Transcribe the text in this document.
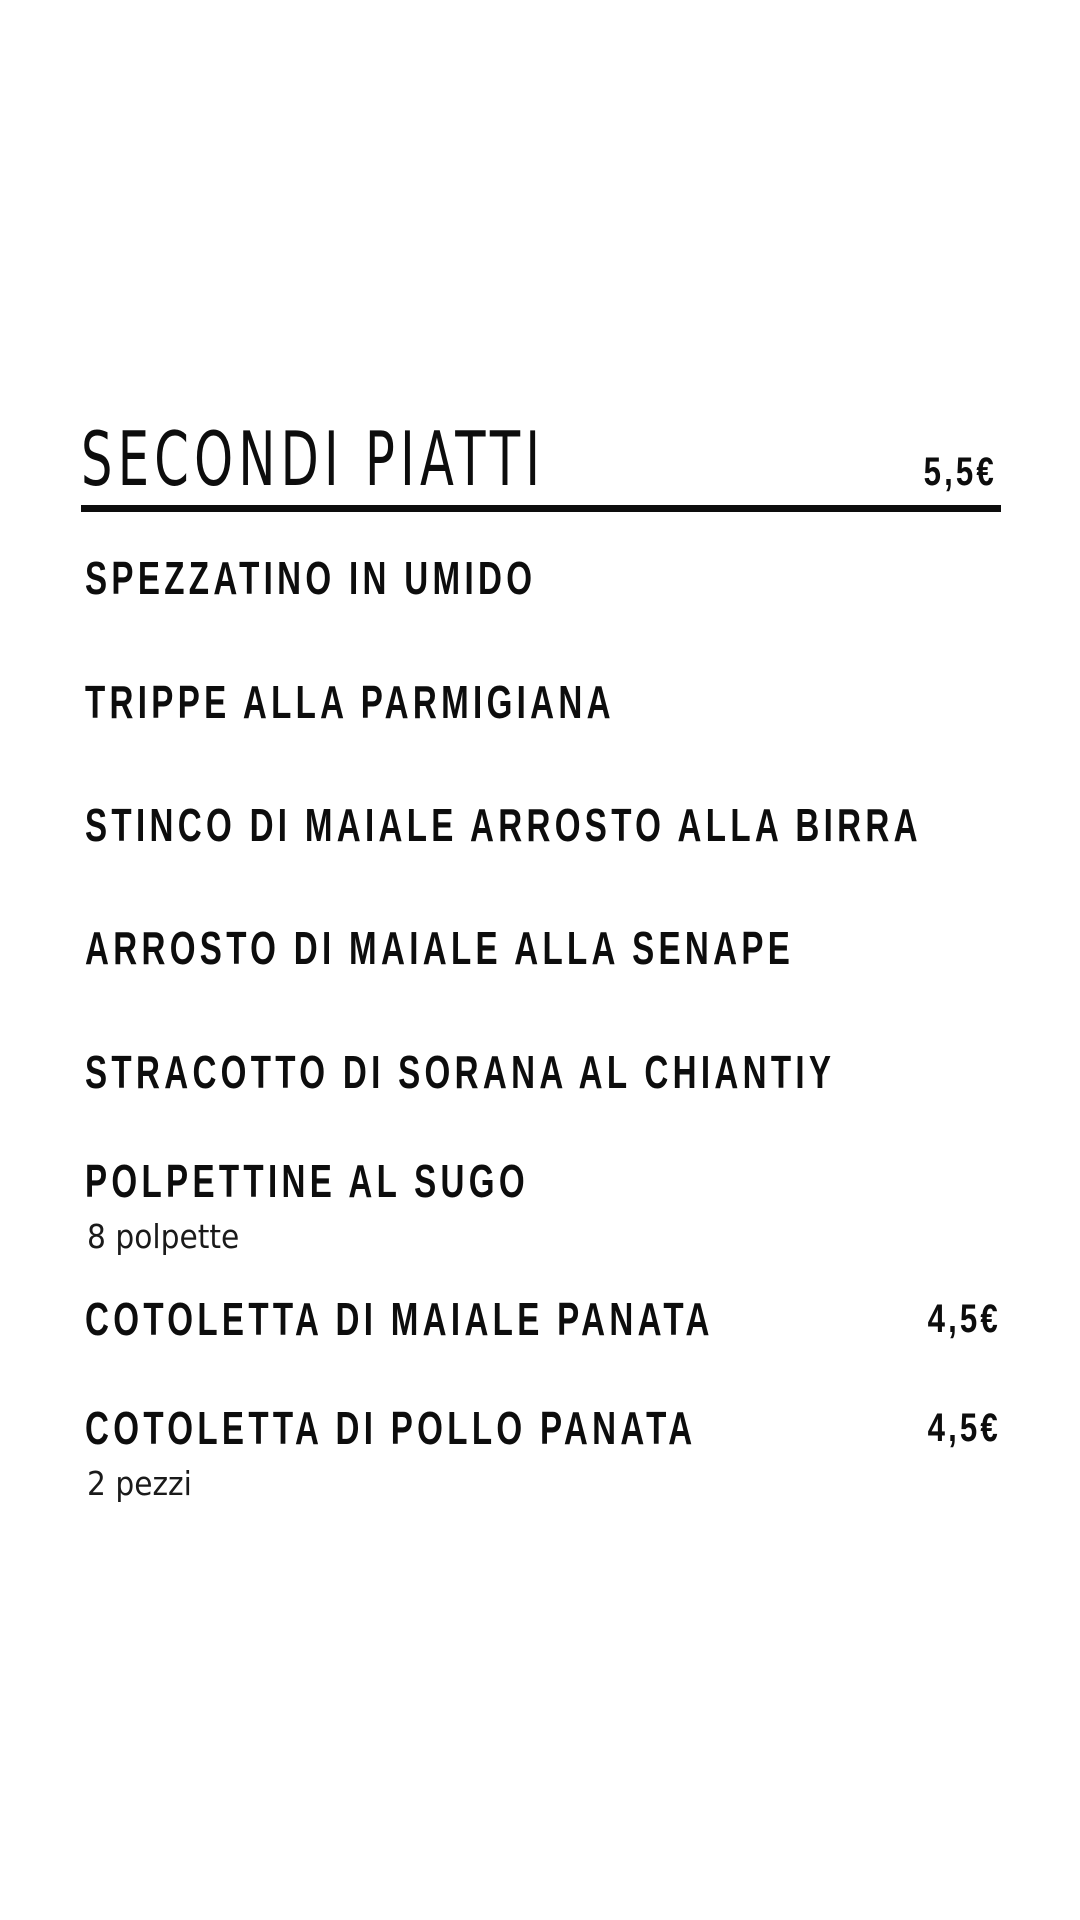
SECONDI PIATTI	5,5€
SPEZZATINO IN UMIDO
TRIPPE ALLA PARMIGIANA
STINCO DI MAIALE ARROSTO ALLA BIRRA
ARROSTO DI MAIALE ALLA SENAPE
STRACOTTO DI SORANA AL CHIANTIY
POLPETTINE AL SUGO
8 polpette
COTOLETTA DI MAIALE PANATA	4,5€
COTOLETTA DI POLLO PANATA	4,5€
2 pezzi
